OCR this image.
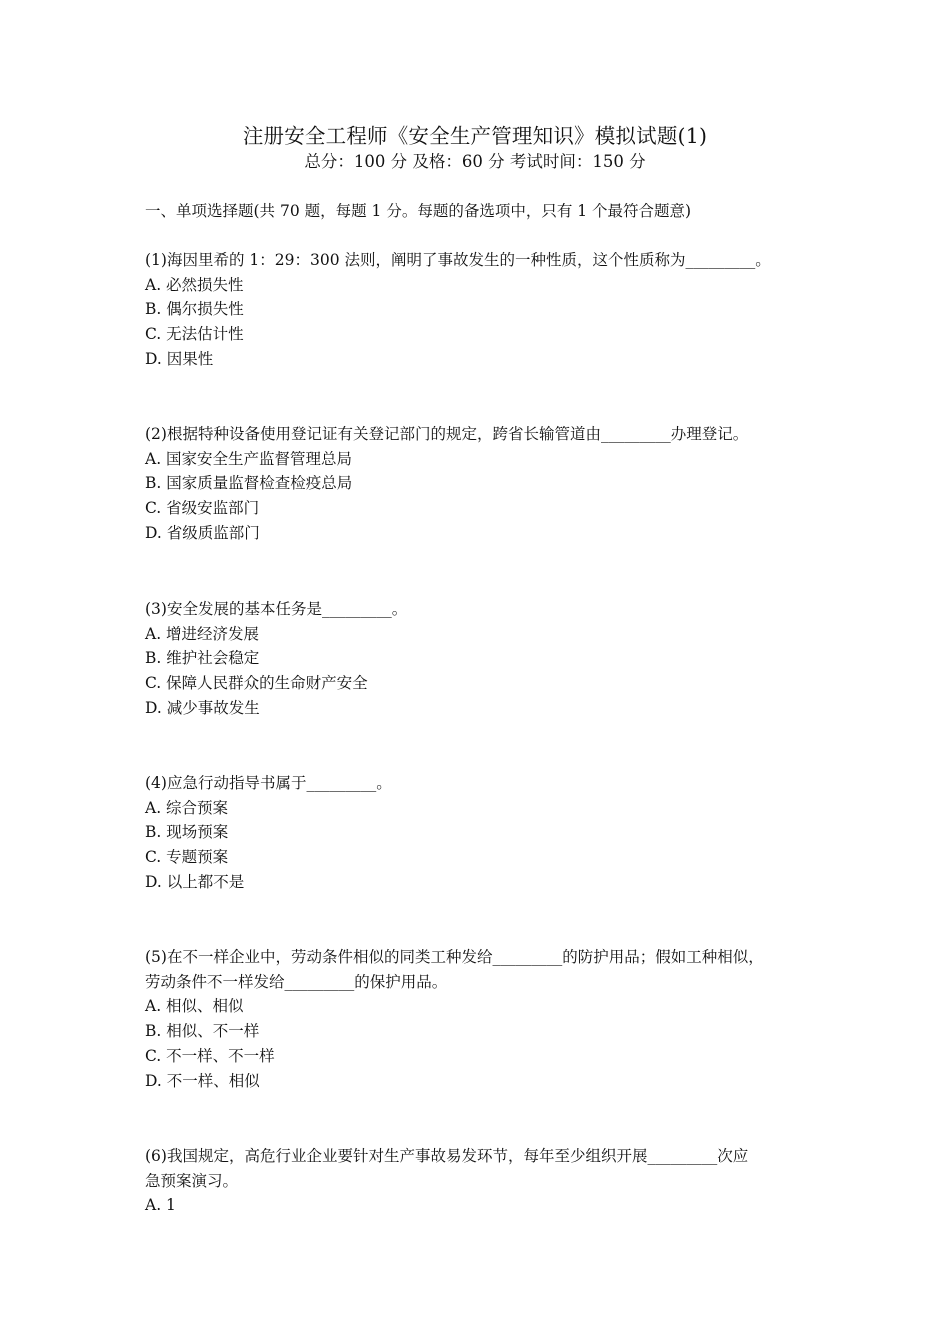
注册安全工程师《安全生产管理知识》模拟试题(1)
总分：100 分 及格：60 分 考试时间：150 分
一、单项选择题(共 70 题，每题 1 分。每题的备选项中，只有 1 个最符合题意)
(1)海因里希的 1：29：300 法则，阐明了事故发生的一种性质，这个性质称为_________。
A. 必然损失性
B. 偶尔损失性
C. 无法估计性
D. 因果性
(2)根据特种设备使用登记证有关登记部门的规定，跨省长输管道由_________办理登记。
A. 国家安全生产监督管理总局
B. 国家质量监督检查检疫总局
C. 省级安监部门
D. 省级质监部门
(3)安全发展的基本任务是_________。
A. 增进经济发展
B. 维护社会稳定
C. 保障人民群众的生命财产安全
D. 减少事故发生
(4)应急行动指导书属于_________。
A. 综合预案
B. 现场预案
C. 专题预案
D. 以上都不是
(5)在不一样企业中，劳动条件相似的同类工种发给_________的防护用品；假如工种相似，
劳动条件不一样发给_________的保护用品。
A. 相似、相似
B. 相似、不一样
C. 不一样、不一样
D. 不一样、相似
(6)我国规定，高危行业企业要针对生产事故易发环节，每年至少组织开展_________次应
急预案演习。
A. 1
